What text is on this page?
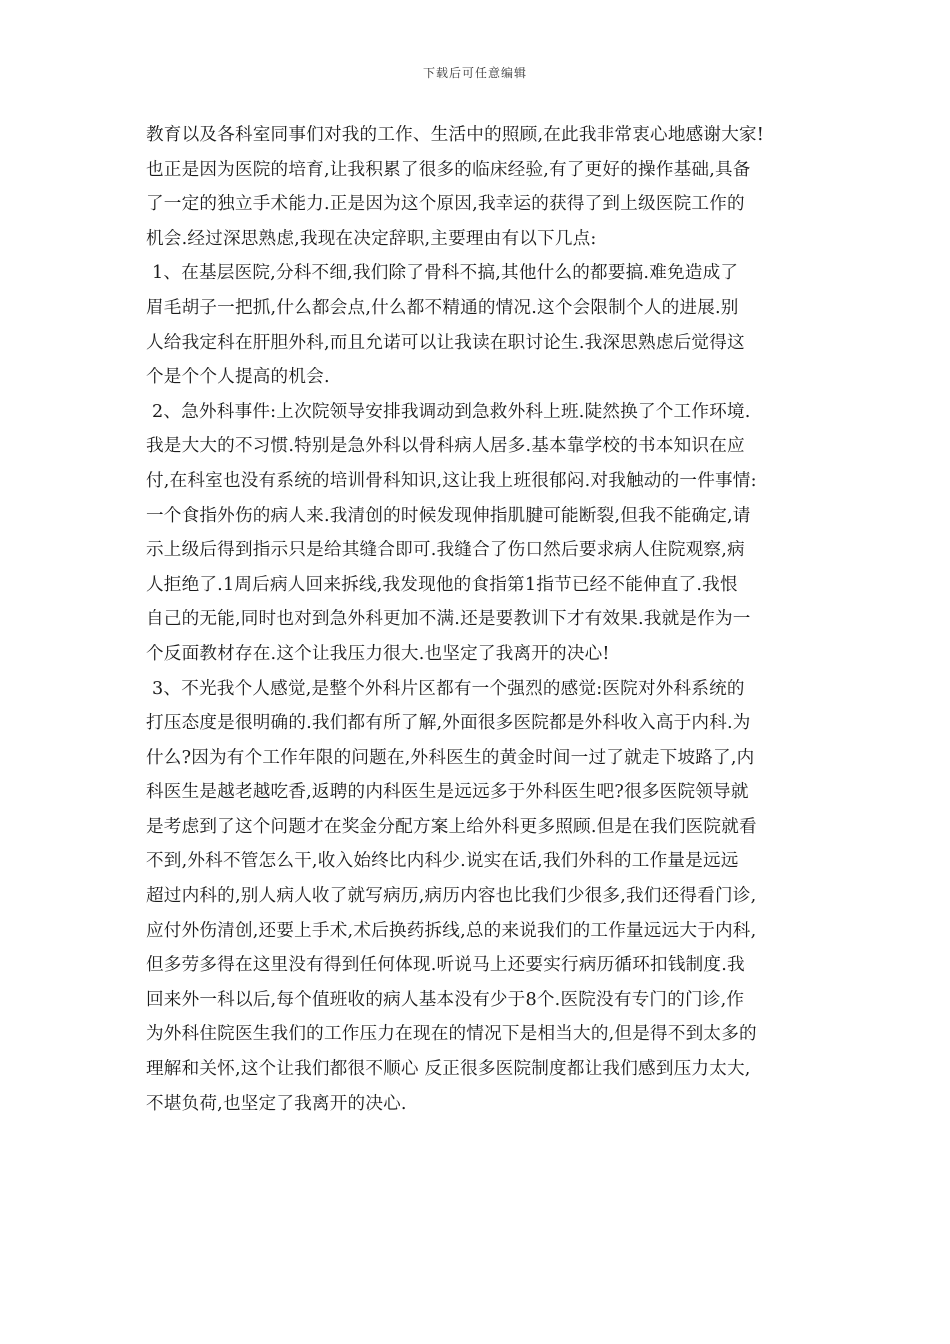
下载后可任意编辑
教育以及各科室同事们对我的工作、生活中的照顾,在此我非常衷心地感谢大家!
也正是因为医院的培育,让我积累了很多的临床经验,有了更好的操作基础,具备
了一定的独立手术能力.正是因为这个原因,我幸运的获得了到上级医院工作的
机会.经过深思熟虑,我现在决定辞职,主要理由有以下几点:
1、在基层医院,分科不细,我们除了骨科不搞,其他什么的都要搞.难免造成了
眉毛胡子一把抓,什么都会点,什么都不精通的情况.这个会限制个人的进展.别
人给我定科在肝胆外科,而且允诺可以让我读在职讨论生.我深思熟虑后觉得这
个是个个人提高的机会.
2、急外科事件:上次院领导安排我调动到急救外科上班.陡然换了个工作环境.
我是大大的不习惯.特别是急外科以骨科病人居多.基本靠学校的书本知识在应
付,在科室也没有系统的培训骨科知识,这让我上班很郁闷.对我触动的一件事情:
一个食指外伤的病人来.我清创的时候发现伸指肌腱可能断裂,但我不能确定,请
示上级后得到指示只是给其缝合即可.我缝合了伤口然后要求病人住院观察,病
人拒绝了.1周后病人回来拆线,我发现他的食指第1指节已经不能伸直了.我恨
自己的无能,同时也对到急外科更加不满.还是要教训下才有效果.我就是作为一
个反面教材存在.这个让我压力很大.也坚定了我离开的决心!
3、不光我个人感觉,是整个外科片区都有一个强烈的感觉:医院对外科系统的
打压态度是很明确的.我们都有所了解,外面很多医院都是外科收入高于内科.为
什么?因为有个工作年限的问题在,外科医生的黄金时间一过了就走下坡路了,内
科医生是越老越吃香,返聘的内科医生是远远多于外科医生吧?很多医院领导就
是考虑到了这个问题才在奖金分配方案上给外科更多照顾.但是在我们医院就看
不到,外科不管怎么干,收入始终比内科少.说实在话,我们外科的工作量是远远
超过内科的,别人病人收了就写病历,病历内容也比我们少很多,我们还得看门诊,
应付外伤清创,还要上手术,术后换药拆线,总的来说我们的工作量远远大于内科,
但多劳多得在这里没有得到任何体现.听说马上还要实行病历循环扣钱制度.我
回来外一科以后,每个值班收的病人基本没有少于8个.医院没有专门的门诊,作
为外科住院医生我们的工作压力在现在的情况下是相当大的,但是得不到太多的
理解和关怀,这个让我们都很不顺心 反正很多医院制度都让我们感到压力太大,
不堪负荷,也坚定了我离开的决心.
